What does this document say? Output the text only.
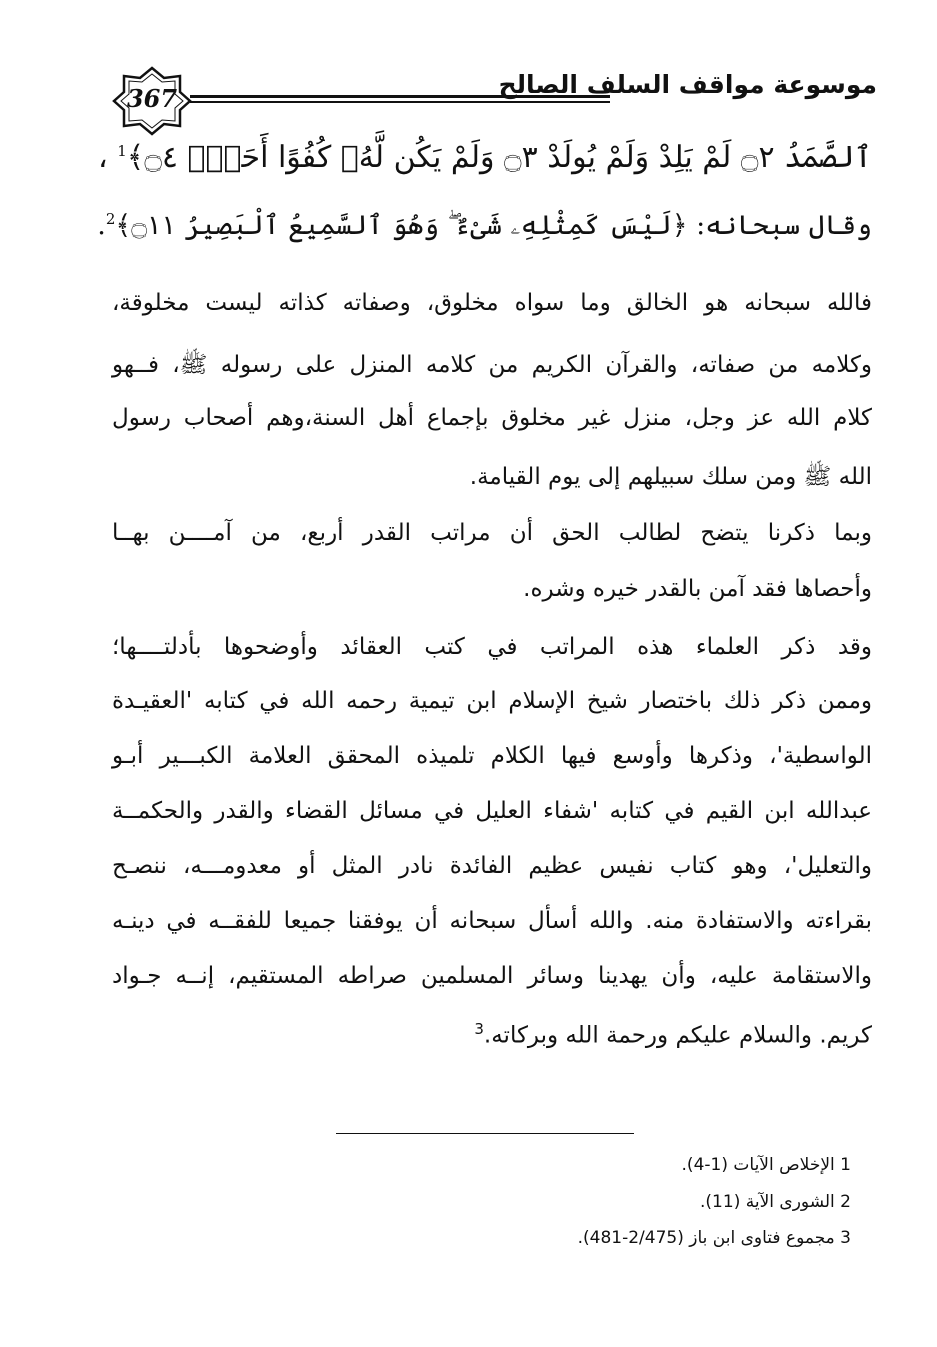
367	موسوعة مواقف السلف الصالح
ٱلصَّمَدُ ۝٢ لَمْ يَلِدْ وَلَمْ يُولَدْ ۝٣ وَلَمْ يَكُن لَّهُۥ كُفُوًا أَحَدٌۢ ۝٤﴾$^1$ ،
وقال سبحانه: ﴿لَيْسَ كَمِثْلِهِۦ شَىْءٌ ۖ وَهُوَ ٱلسَّمِيعُ ٱلْبَصِيرُ ۝١١﴾$^2$.
فالله سبحانه هو الخالق وما سواه مخلوق، وصفاته كذاته ليست مخلوقة،
وكلامه من صفاته، والقرآن الكريم من كلامه المنزل على رسوله ﷺ، فــهو
كلام الله عز وجل، منزل غير مخلوق بإجماع أهل السنة،وهم أصحاب رسول
الله ﷺ ومن سلك سبيلهم إلى يوم القيامة.
وبما ذكرنا يتضح لطالب الحق أن مراتب القدر أربع، من آمــــن بهــا
وأحصاها فقد آمن بالقدر خيره وشره.
وقد ذكر العلماء هذه المراتب في كتب العقائد وأوضحوها بأدلتــــها؛
وممن ذكر ذلك باختصار شيخ الإسلام ابن تيمية رحمه الله في كتابه 'العقيـدة
الواسطية'، وذكرها وأوسع فيها الكلام تلميذه المحقق العلامة الكبـــير أبـو
عبدالله ابن القيم في كتابه 'شفاء العليل في مسائل القضاء والقدر والحكمــة
والتعليل'، وهو كتاب نفيس عظيم الفائدة نادر المثل أو معدومـــه، ننصـح
بقراءته والاستفادة منه. والله أسأل سبحانه أن يوفقنا جميعا للفقــه في دينـه
والاستقامة عليه، وأن يهدينا وسائر المسلمين صراطه المستقيم، إنــه جـواد
كريم. والسلام عليكم ورحمة الله وبركاته.$^3$
1 الإخلاص الآيات (1-4).
2 الشورى الآية (11).
3 مجموع فتاوى ابن باز (2/475-481).
